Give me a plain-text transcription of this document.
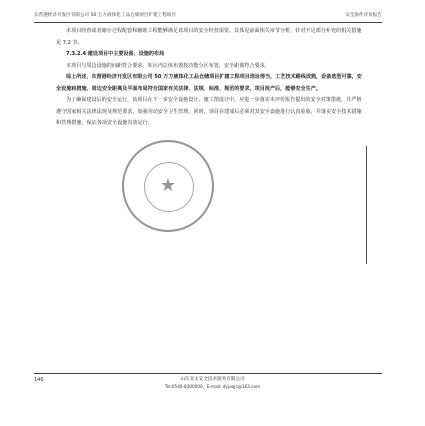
东营港经济开发区有限公司 50 万方液体化工品仓储项目扩建工程项目	安全条件评价报告

本项目经营或者储存过程配套和辅助工程能够满足该项目的安全经营需要。具体见前面相关章节分析，针对不足部分补充的相关措施见 7.2 节。

7.3.2.4 建设项目中主要设备、设施的布局

本项目与周边设施的间距符合要求，库区内总体布置按功能分区布置，安全距离符合要求。

综上所述，东营港经济开发区有限公司 50 万方液体化工品仓储项目扩建工程项目选址得当，工艺技术路线成熟，设备选型可靠，安全设施和措施、周边安全距离及平面布局符合国家有关法律、法规、标准、规范的要求，项目投产后，能够安全生产。

为了确保建设后的安全运行，该项目在下一步安全设施设计、施工图设计中，应进一步落实本评价报告提出的安全对策措施，并严格遵守国家相关法律法规及规范要求，加强劳动安全卫生管理。同时，项目在建成后必须对其安全设施进行认真验收，并落实安全技术措施和管理措施，保证各项安全设施有效运行。

★
146	山东亚太安全技术服务有限公司
Tel:0546-8300000，E-mail: dyjaqjs@163.com
